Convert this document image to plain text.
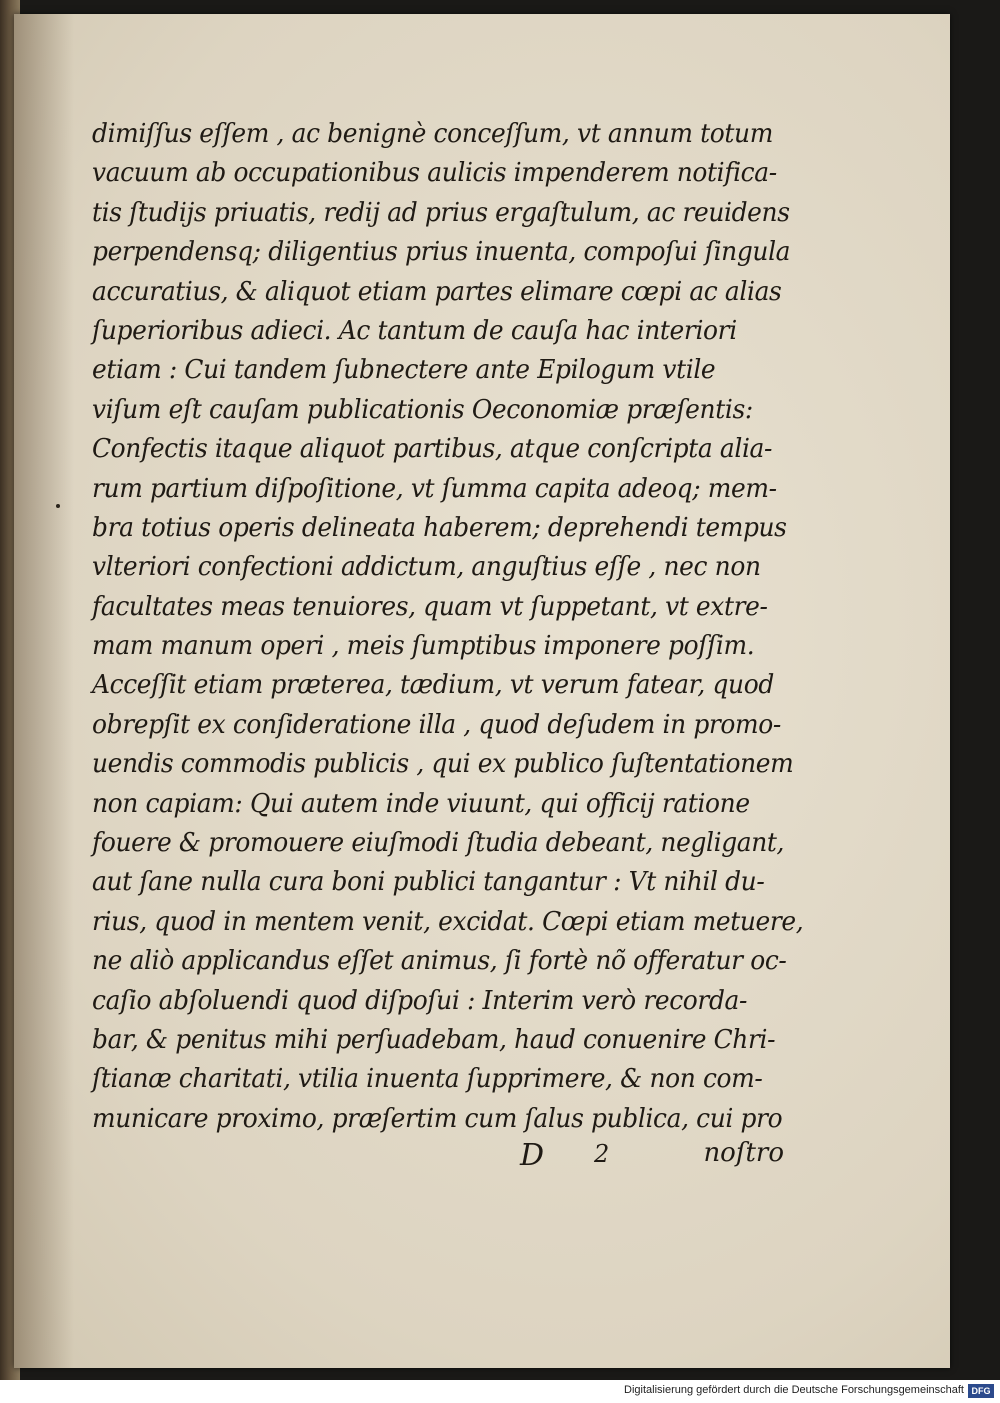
dimiſſus eſſem , ac benignè conceſſum, vt annum totum
vacuum ab occupationibus aulicis impenderem notifica-
tis ſtudijs priuatis, redij ad prius ergaſtulum, ac reuidens
perpendensq; diligentius prius inuenta, compoſui ſingula
accuratius, & aliquot etiam partes elimare cœpi ac alias
ſuperioribus adieci. Ac tantum de cauſa hac interiori
etiam : Cui tandem ſubnectere ante Epilogum vtile
viſum eſt cauſam publicationis Oeconomiæ præſentis:
Confectis itaque aliquot partibus, atque conſcripta alia-
rum partium diſpoſitione, vt ſumma capita adeoq; mem-
bra totius operis delineata haberem; deprehendi tempus
vlteriori confectioni addictum, anguſtius eſſe , nec non
facultates meas tenuiores, quam vt ſuppetant, vt extre-
mam manum operi , meis ſumptibus imponere poſſim.
Acceſſit etiam præterea, tædium, vt verum fatear, quod
obrepſit ex conſideratione illa , quod deſudem in promo-
uendis commodis publicis , qui ex publico ſuſtentationem
non capiam: Qui autem inde viuunt, qui officij ratione
fouere & promouere eiuſmodi ſtudia debeant, negligant,
aut ſane nulla cura boni publici tangantur : Vt nihil du-
rius, quod in mentem venit, excidat. Cœpi etiam metuere,
ne aliò applicandus eſſet animus, ſi fortè nõ offeratur oc-
caſio abſoluendi quod diſpoſui : Interim verò recorda-
bar, & penitus mihi perſuadebam, haud conuenire Chri-
ſtianæ charitati, vtilia inuenta ſupprimere, & non com-
municare proximo, præſertim cum ſalus publica, cui pro
D 2	noſtro
Digitalisierung gefördert durch die Deutsche Forschungsgemeinschaft DFG
